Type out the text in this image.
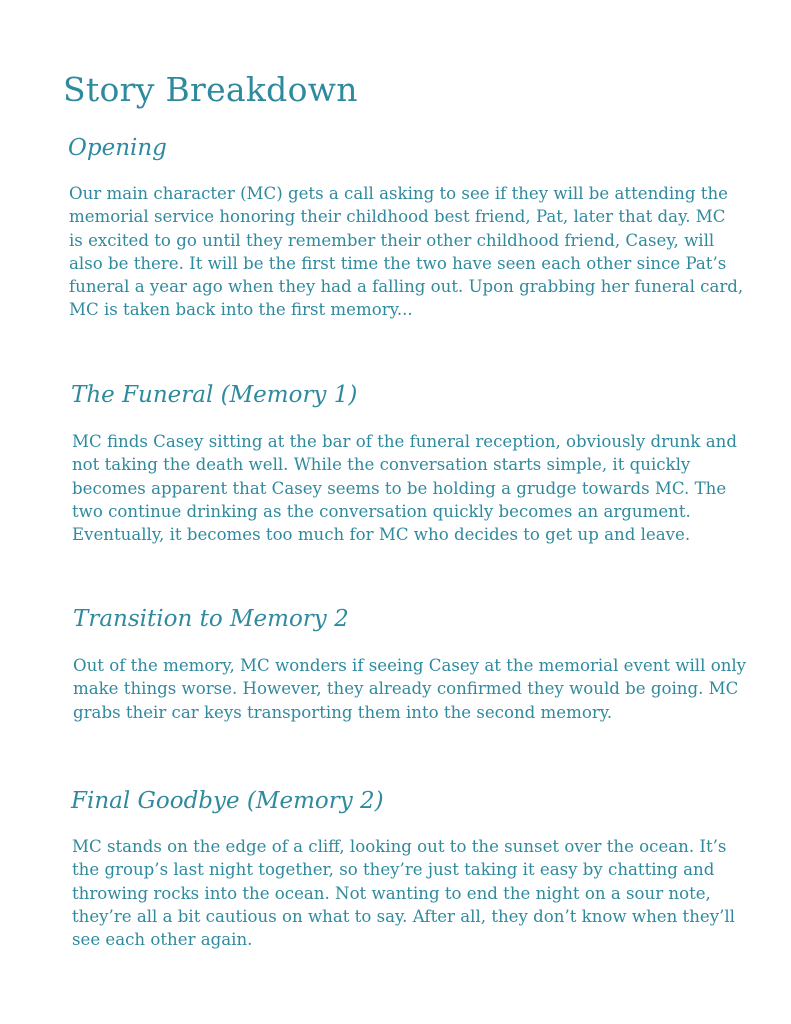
Story Breakdown
Opening

Our main character (MC) gets a call asking to see if they will be attending the memorial service honoring their childhood best friend, Pat, later that day. MC is excited to go until they remember their other childhood friend, Casey, will also be there. It will be the first time the two have seen each other since Pat’s funeral a year ago when they had a falling out. Upon grabbing her funeral card, MC is taken back into the first memory...

The Funeral (Memory 1)

MC finds Casey sitting at the bar of the funeral reception, obviously drunk and not taking the death well. While the conversation starts simple, it quickly becomes apparent that Casey seems to be holding a grudge towards MC. The two continue drinking as the conversation quickly becomes an argument. Eventually, it becomes too much for MC who decides to get up and leave.

Transition to Memory 2

Out of the memory, MC wonders if seeing Casey at the memorial event will only make things worse. However, they already confirmed they would be going. MC grabs their car keys transporting them into the second memory.

Final Goodbye (Memory 2)

MC stands on the edge of a cliff, looking out to the sunset over the ocean. It’s the group’s last night together, so they’re just taking it easy by chatting and throwing rocks into the ocean. Not wanting to end the night on a sour note, they’re all a bit cautious on what to say. After all, they don’t know when they’ll see each other again.
